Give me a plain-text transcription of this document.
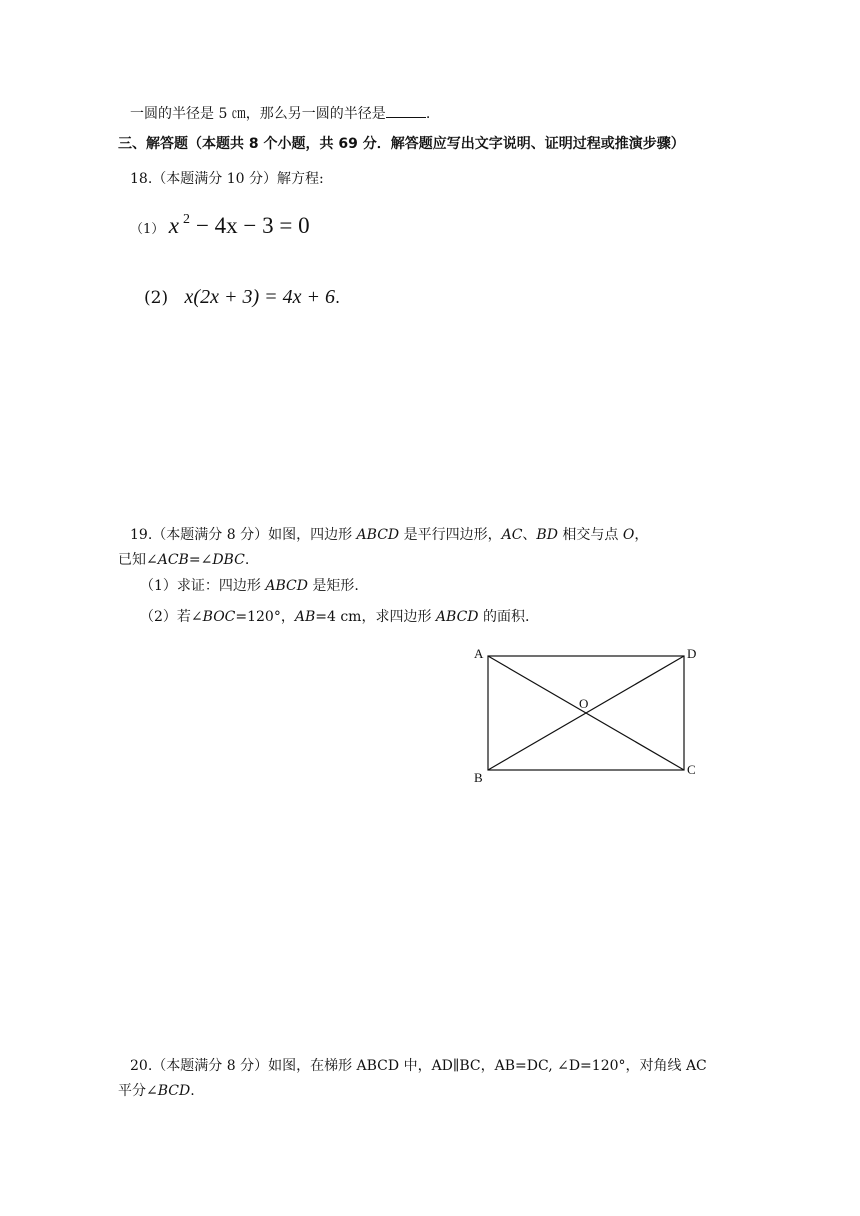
一圆的半径是 5 ㎝，那么另一圆的半径是	.
三、解答题（本题共 8 个小题，共 69 分．解答题应写出文字说明、证明过程或推演步骤）
18.（本题满分 10 分）解方程:
（1） x $^2$ − 4x − 3 = 0
(2) x(2x + 3) = 4x + 6.
19.（本题满分 8 分）如图，四边形 ABCD 是平行四边形，AC、BD 相交与点 O，
已知∠ACB=∠DBC.
（1）求证：四边形 ABCD 是矩形.
（2）若∠BOC=120°，AB=4 cm，求四边形 ABCD 的面积.
A	D
B
C
O
20.（本题满分 8 分）如图，在梯形 ABCD 中，AD∥BC，AB=DC, ∠D=120°，对角线 AC
平分∠BCD.
